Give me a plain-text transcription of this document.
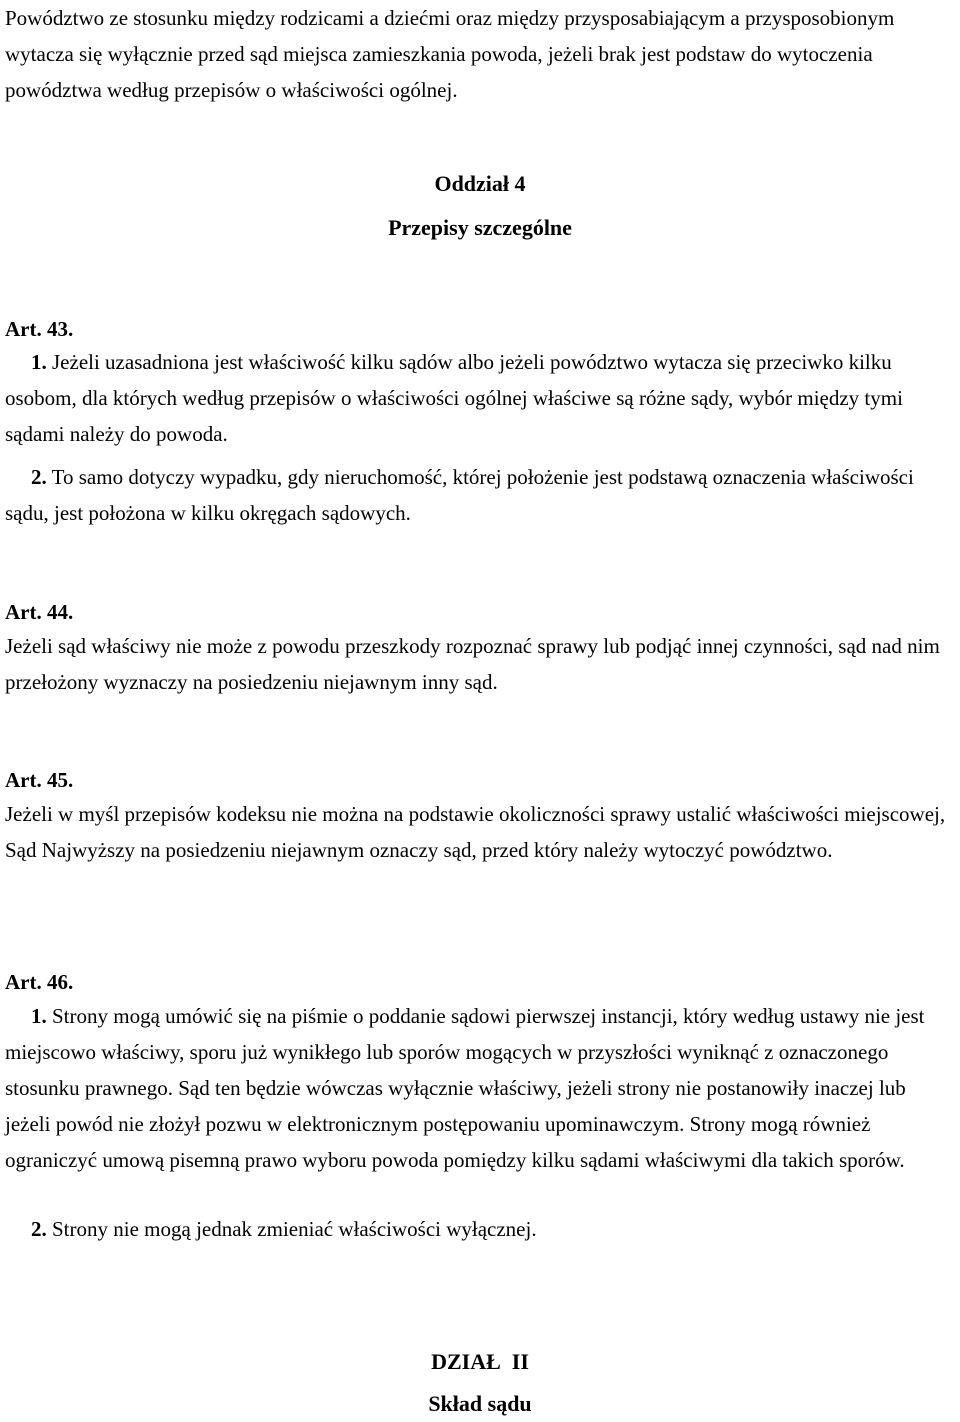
Powództwo ze stosunku między rodzicami a dziećmi oraz między przysposabiającym a przysposobionym wytacza się wyłącznie przed sąd miejsca zamieszkania powoda, jeżeli brak jest podstaw do wytoczenia powództwa według przepisów o właściwości ogólnej.

Oddział 4

Przepisy szczególne

Art. 43.

1. Jeżeli uzasadniona jest właściwość kilku sądów albo jeżeli powództwo wytacza się przeciwko kilku osobom, dla których według przepisów o właściwości ogólnej właściwe są różne sądy, wybór między tymi sądami należy do powoda.

2. To samo dotyczy wypadku, gdy nieruchomość, której położenie jest podstawą oznaczenia właściwości sądu, jest położona w kilku okręgach sądowych.

Art. 44.

Jeżeli sąd właściwy nie może z powodu przeszkody rozpoznać sprawy lub podjąć innej czynności, sąd nad nim przełożony wyznaczy na posiedzeniu niejawnym inny sąd.

Art. 45.

Jeżeli w myśl przepisów kodeksu nie można na podstawie okoliczności sprawy ustalić właściwości miejscowej, Sąd Najwyższy na posiedzeniu niejawnym oznaczy sąd, przed który należy wytoczyć powództwo.

Art. 46.

1. Strony mogą umówić się na piśmie o poddanie sądowi pierwszej instancji, który według ustawy nie jest miejscowo właściwy, sporu już wynikłego lub sporów mogących w przyszłości wyniknąć z oznaczonego stosunku prawnego. Sąd ten będzie wówczas wyłącznie właściwy, jeżeli strony nie postanowiły inaczej lub jeżeli powód nie złożył pozwu w elektronicznym postępowaniu upominawczym. Strony mogą również ograniczyć umową pisemną prawo wyboru powoda pomiędzy kilku sądami właściwymi dla takich sporów.

2. Strony nie mogą jednak zmieniać właściwości wyłącznej.

DZIAŁ  II

Skład sądu
